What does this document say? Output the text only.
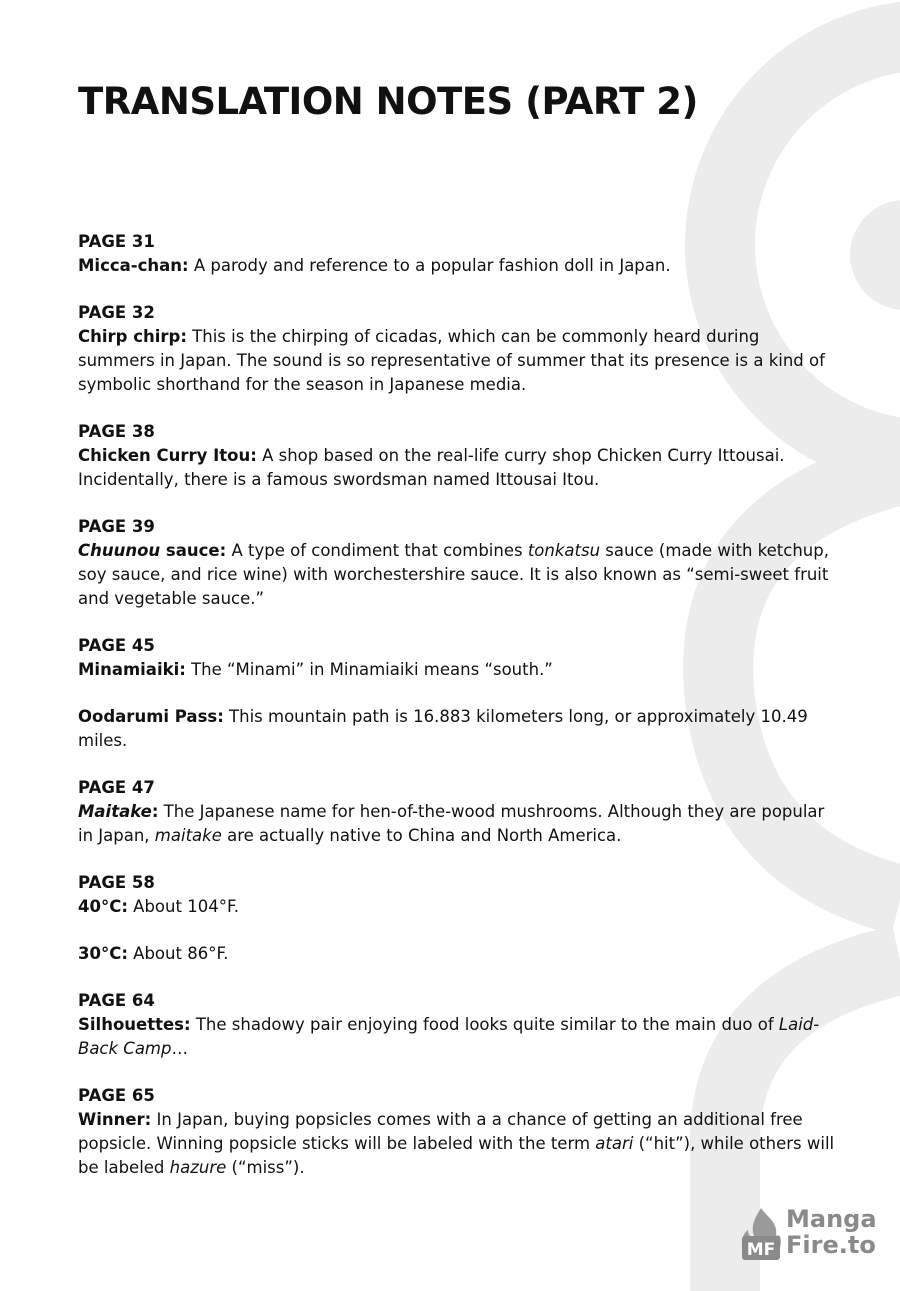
TRANSLATION NOTES (PART 2)
PAGE 31

Micca-chan: A parody and reference to a popular fashion doll in Japan.

PAGE 32

Chirp chirp: This is the chirping of cicadas, which can be commonly heard during summers in Japan. The sound is so representative of summer that its presence is a kind of symbolic shorthand for the season in Japanese media.

PAGE 38

Chicken Curry Itou: A shop based on the real-life curry shop Chicken Curry Ittousai. Incidentally, there is a famous swordsman named Ittousai Itou.

PAGE 39

Chuunou sauce: A type of condiment that combines tonkatsu sauce (made with ketchup, soy sauce, and rice wine) with worchestershire sauce. It is also known as “semi-sweet fruit and vegetable sauce.”

PAGE 45

Minamiaiki: The “Minami” in Minamiaiki means “south.”

Oodarumi Pass: This mountain path is 16.883 kilometers long, or approximately 10.49 miles.

PAGE 47

Maitake: The Japanese name for hen-of-the-wood mushrooms. Although they are popular in Japan, maitake are actually native to China and North America.

PAGE 58

40°C: About 104°F.

30°C: About 86°F.

PAGE 64

Silhouettes: The shadowy pair enjoying food looks quite similar to the main duo of Laid-Back Camp…

PAGE 65

Winner: In Japan, buying popsicles comes with a a chance of getting an additional free popsicle. Winning popsicle sticks will be labeled with the term atari (“hit”), while others will be labeled hazure (“miss”).

MF
Manga
Fire.to
